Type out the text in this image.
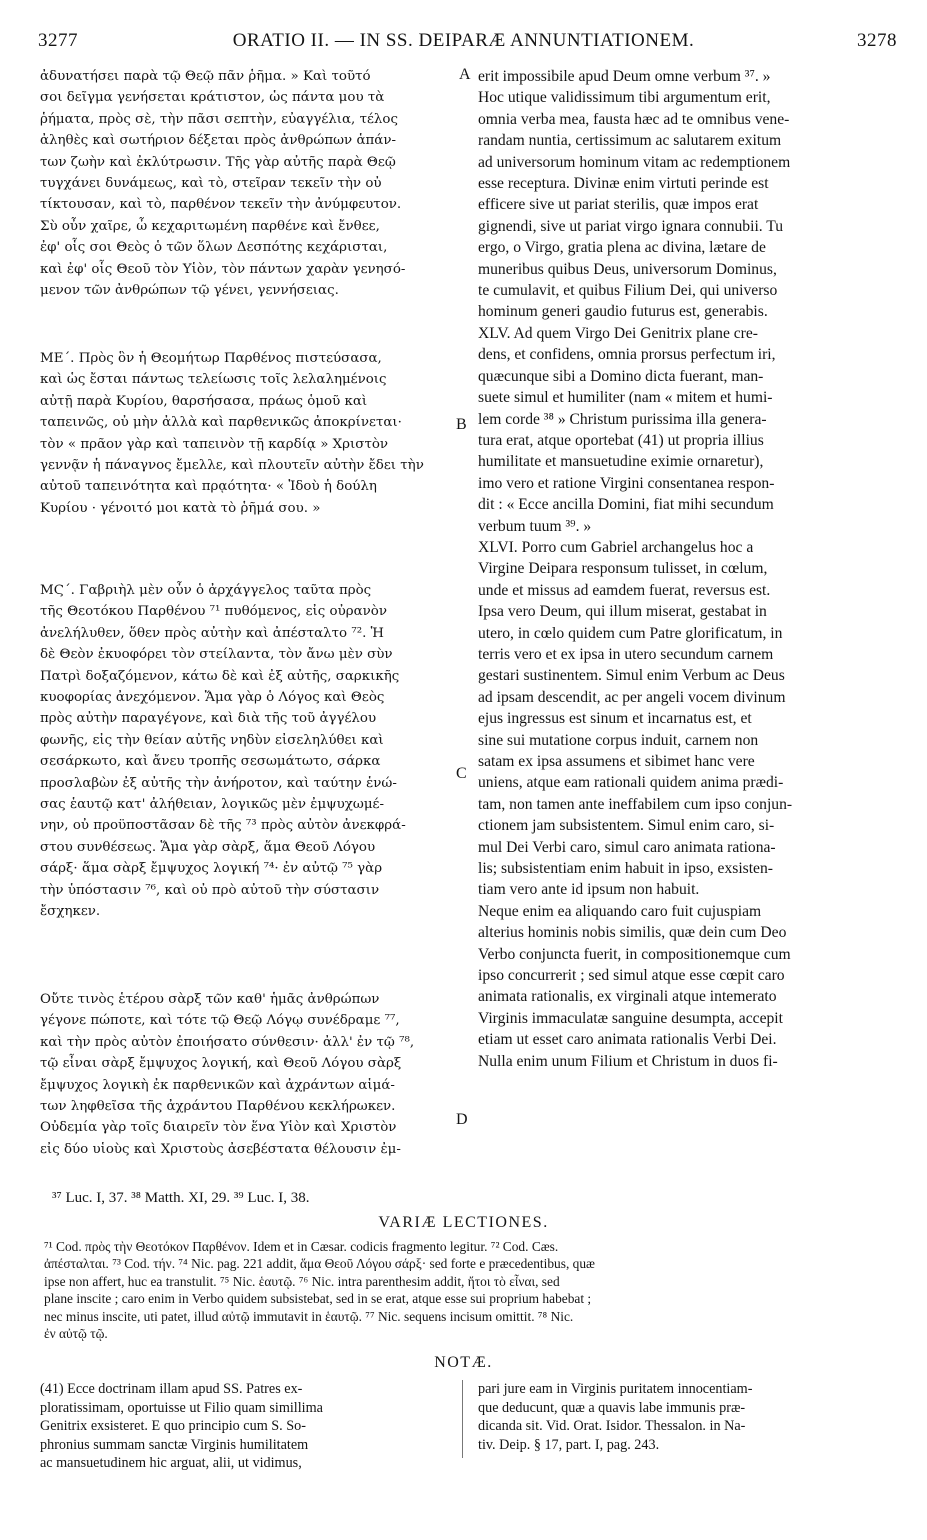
3277	ORATIO II. — IN SS. DEIPARÆ ANNUNTIATIONEM.	3278

ἀδυνατήσει παρὰ τῷ Θεῷ πᾶν ῥῆμα. » Καὶ τοῦτό
σοι δεῖγμα γενήσεται κράτιστον, ὡς πάντα μου τὰ
ῥήματα, πρὸς σὲ, τὴν πᾶσι σεπτὴν, εὐαγγέλια, τέλος
ἀληθὲς καὶ σωτήριον δέξεται πρὸς ἀνθρώπων ἁπάν-
των ζωὴν καὶ ἐκλύτρωσιν. Τῆς γὰρ αὐτῆς παρὰ Θεῷ
τυγχάνει δυνάμεως, καὶ τὸ, στεῖραν τεκεῖν τὴν οὐ
τίκτουσαν, καὶ τὸ, παρθένον τεκεῖν τὴν ἀνύμφευτον.
Σὺ οὖν χαῖρε, ὦ κεχαριτωμένη παρθένε καὶ ἔνθεε,
ἐφ' οἷς σοι Θεὸς ὁ τῶν ὅλων Δεσπότης κεχάρισται,
καὶ ἐφ' οἷς Θεοῦ τὸν Υἱὸν, τὸν πάντων χαρὰν γενησό-
μενον τῶν ἀνθρώπων τῷ γένει, γεννήσειας.

ΜΕ΄. Πρὸς ὃν ἡ Θεομήτωρ Παρθένος πιστεύσασα,
καὶ ὡς ἔσται πάντως τελείωσις τοῖς λελαλημένοις
αὐτῇ παρὰ Κυρίου, θαρσήσασα, πράως ὁμοῦ καὶ
ταπεινῶς, οὐ μὴν ἀλλὰ καὶ παρθενικῶς ἀποκρίνεται·
τὸν « πρᾶον γὰρ καὶ ταπεινὸν τῇ καρδίᾳ » Χριστὸν
γεννᾷν ἡ πάναγνος ἔμελλε, καὶ πλουτεῖν αὐτὴν ἔδει τὴν
αὐτοῦ ταπεινότητα καὶ πρᾳότητα· « Ἰδοὺ ἡ δούλη
Κυρίου · γένοιτό μοι κατὰ τὸ ῥῆμά σου. »

ΜϚ΄. Γαβριὴλ μὲν οὖν ὁ ἀρχάγγελος ταῦτα πρὸς
τῆς Θεοτόκου Παρθένου ⁷¹ πυθόμενος, εἰς οὐρανὸν
ἀνελήλυθεν, ὅθεν πρὸς αὐτὴν καὶ ἀπέσταλτο ⁷². Ἡ
δὲ Θεὸν ἐκυοφόρει τὸν στείλαντα, τὸν ἄνω μὲν σὺν
Πατρὶ δοξαζόμενον, κάτω δὲ καὶ ἐξ αὐτῆς, σαρκικῆς
κυοφορίας ἀνεχόμενον. Ἅμα γὰρ ὁ Λόγος καὶ Θεὸς
πρὸς αὐτὴν παραγέγονε, καὶ διὰ τῆς τοῦ ἀγγέλου
φωνῆς, εἰς τὴν θείαν αὐτῆς νηδὺν εἰσεληλύθει καὶ
σεσάρκωτο, καὶ ἄνευ τροπῆς σεσωμάτωτο, σάρκα
προσλαβὼν ἐξ αὐτῆς τὴν ἀνήροτον, καὶ ταύτην ἑνώ-
σας ἑαυτῷ κατ' ἀλήθειαν, λογικῶς μὲν ἐμψυχωμέ-
νην, οὐ προϋποστᾶσαν δὲ τῆς ⁷³ πρὸς αὐτὸν ἀνεκφρά-
στου συνθέσεως. Ἅμα γὰρ σὰρξ, ἅμα Θεοῦ Λόγου
σάρξ· ἅμα σὰρξ ἔμψυχος λογική ⁷⁴· ἐν αὐτῷ ⁷⁵ γὰρ
τὴν ὑπόστασιν ⁷⁶, καὶ οὐ πρὸ αὐτοῦ τὴν σύστασιν
ἔσχηκεν.

Οὔτε τινὸς ἑτέρου σὰρξ τῶν καθ' ἡμᾶς ἀνθρώπων
γέγονε πώποτε, καὶ τότε τῷ Θεῷ Λόγῳ συνέδραμε ⁷⁷,
καὶ τὴν πρὸς αὐτὸν ἐποιήσατο σύνθεσιν· ἀλλ' ἐν τῷ ⁷⁸,
τῷ εἶναι σὰρξ ἔμψυχος λογική, καὶ Θεοῦ Λόγου σὰρξ
ἔμψυχος λογικὴ ἐκ παρθενικῶν καὶ ἀχράντων αἱμά-
των ληφθεῖσα τῆς ἀχράντου Παρθένου κεκλήρωκεν.
Οὐδεμία γὰρ τοῖς διαιρεῖν τὸν ἕνα Υἱὸν καὶ Χριστὸν
εἰς δύο υἱοὺς καὶ Χριστοὺς ἀσεβέστατα θέλουσιν ἐμ-

erit impossibile apud Deum omne verbum ³⁷. »
Hoc utique validissimum tibi argumentum erit,
omnia verba mea, fausta hæc ad te omnibus vene-
randam nuntia, certissimum ac salutarem exitum
ad universorum hominum vitam ac redemptionem
esse receptura. Divinæ enim virtuti perinde est
efficere sive ut pariat sterilis, quæ impos erat
gignendi, sive ut pariat virgo ignara connubii. Tu
ergo, o Virgo, gratia plena ac divina, lætare de
muneribus quibus Deus, universorum Dominus,
te cumulavit, et quibus Filium Dei, qui universo
hominum generi gaudio futurus est, generabis.

XLV. Ad quem Virgo Dei Genitrix plane cre-
dens, et confidens, omnia prorsus perfectum iri,
quæcunque sibi a Domino dicta fuerant, man-
suete simul et humiliter (nam « mitem et humi-
lem corde ³⁸ » Christum purissima illa genera-
tura erat, atque oportebat (41) ut propria illius
humilitate et mansuetudine eximie ornaretur),
imo vero et ratione Virgini consentanea respon-
dit : « Ecce ancilla Domini, fiat mihi secundum
verbum tuum ³⁹. »

XLVI. Porro cum Gabriel archangelus hoc a
Virgine Deipara responsum tulisset, in cœlum,
unde et missus ad eamdem fuerat, reversus est.
Ipsa vero Deum, qui illum miserat, gestabat in
utero, in cœlo quidem cum Patre glorificatum, in
terris vero et ex ipsa in utero secundum carnem
gestari sustinentem. Simul enim Verbum ac Deus
ad ipsam descendit, ac per angeli vocem divinum
ejus ingressus est sinum et incarnatus est, et
sine sui mutatione corpus induit, carnem non
satam ex ipsa assumens et sibimet hanc vere
uniens, atque eam rationali quidem anima prædi-
tam, non tamen ante ineffabilem cum ipso conjun-
ctionem jam subsistentem. Simul enim caro, si-
mul Dei Verbi caro, simul caro animata rationa-
lis; subsistentiam enim habuit in ipso, exsisten-
tiam vero ante id ipsum non habuit.

Neque enim ea aliquando caro fuit cujuspiam
alterius hominis nobis similis, quæ dein cum Deo
Verbo conjuncta fuerit, in compositionemque cum
ipso concurrerit ; sed simul atque esse cœpit caro
animata rationalis, ex virginali atque intemerato
Virginis immaculatæ sanguine desumpta, accepit
etiam ut esset caro animata rationalis Verbi Dei.
Nulla enim unum Filium et Christum in duos fi-

A
B
C
D
³⁷ Luc. I, 37. ³⁸ Matth. XI, 29. ³⁹ Luc. I, 38.
VARIÆ LECTIONES.
⁷¹ Cod. πρὸς τὴν Θεοτόκον Παρθένον. Idem et in Cæsar. codicis fragmento legitur. ⁷² Cod. Cæs.
ἀπέσταλται. ⁷³ Cod. τήν. ⁷⁴ Nic. pag. 221 addit, ἅμα Θεοῦ Λόγου σάρξ· sed forte e præcedentibus, quæ
ipse non affert, huc ea transtulit. ⁷⁵ Nic. ἑαυτῷ. ⁷⁶ Nic. intra parenthesim addit, ἤτοι τὸ εἶναι, sed
plane inscite ; caro enim in Verbo quidem subsistebat, sed in se erat, atque esse sui proprium habebat ;
nec minus inscite, uti patet, illud αὐτῷ immutavit in ἑαυτῷ. ⁷⁷ Nic. sequens incisum omittit. ⁷⁸ Nic.
ἐν αὐτῷ τῷ.
NOTÆ.
(41) Ecce doctrinam illam apud SS. Patres ex-
ploratissimam, oportuisse ut Filio quam simillima
Genitrix exsisteret. E quo principio cum S. So-
phronius summam sanctæ Virginis humilitatem
ac mansuetudinem hic arguat, alii, ut vidimus,
pari jure eam in Virginis puritatem innocentiam-
que deducunt, quæ a quavis labe immunis præ-
dicanda sit. Vid. Orat. Isidor. Thessalon. in Na-
tiv. Deip. § 17, part. I, pag. 243.
